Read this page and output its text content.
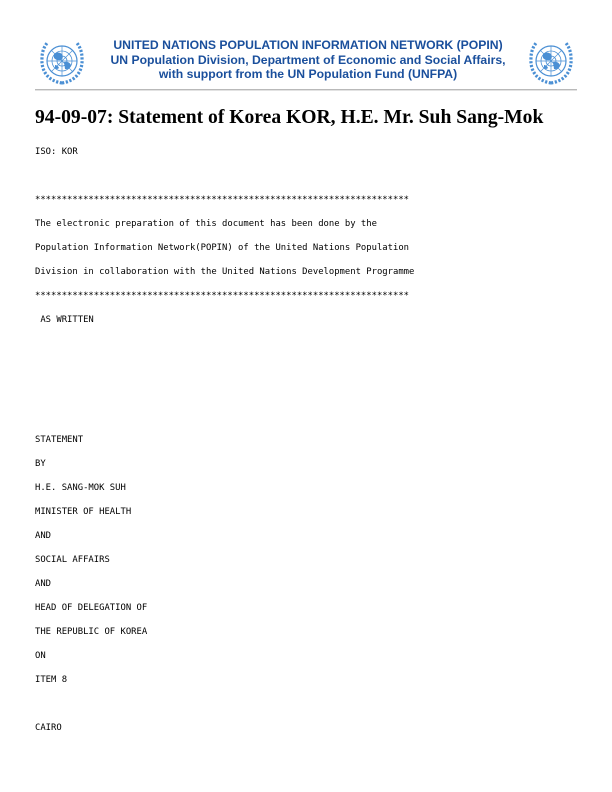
UNITED NATIONS POPULATION INFORMATION NETWORK (POPIN)
UN Population Division, Department of Economic and Social Affairs,
with support from the UN Population Fund (UNFPA)
94-09-07: Statement of Korea KOR, H.E. Mr. Suh Sang-Mok
ISO: KOR
**********************************************************************
The electronic preparation of this document has been done by the
Population Information Network(POPIN) of the United Nations Population
Division in collaboration with the United Nations Development Programme
**********************************************************************
AS WRITTEN
STATEMENT
BY
H.E. SANG-MOK SUH
MINISTER OF HEALTH
AND
SOCIAL AFFAIRS
AND
HEAD OF DELEGATION OF
THE REPUBLIC OF KOREA
ON
ITEM 8
CAIRO
